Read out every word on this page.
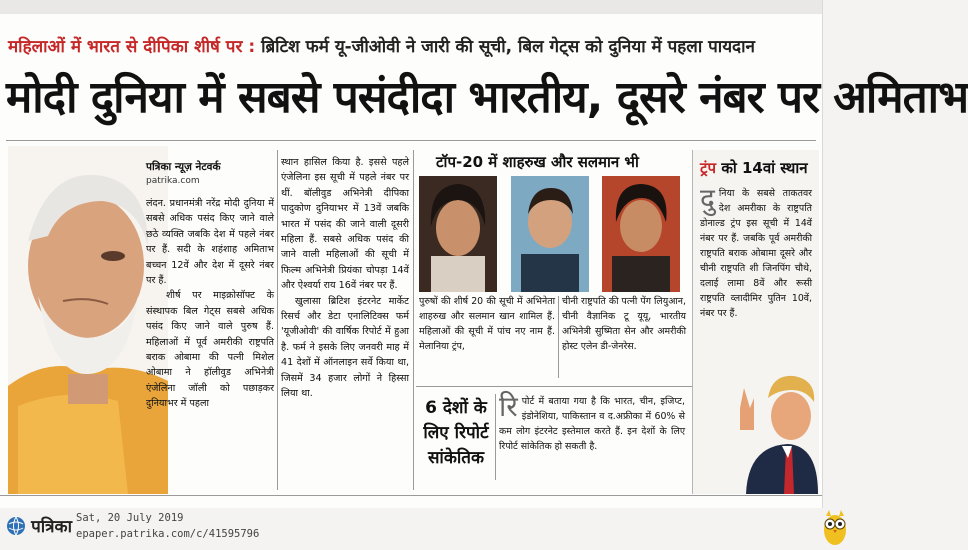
महिलाओं में भारत से दीपिका शीर्ष पर : ब्रिटिश फर्म यू-जीओवी ने जारी की सूची, बिल गेट्स को दुनिया में पहला पायदान
मोदी दुनिया में सबसे पसंदीदा भारतीय, दूसरे नंबर पर अमिताभ
पत्रिका न्यूज़ नेटवर्क
patrika.com

लंदन. प्रधानमंत्री नरेंद्र मोदी दुनिया में सबसे अधिक पसंद किए जाने वाले छठे व्यक्ति जबकि देश में पहले नंबर पर हैं. सदी के शहंशाह अमिताभ बच्चन 12वें और देश में दूसरे नंबर पर हैं.

शीर्ष पर माइक्रोसॉफ्ट के संस्थापक बिल गेट्स सबसे अधिक पसंद किए जाने वाले पुरुष हैं. महिलाओं में पूर्व अमरीकी राष्ट्रपति बराक ओबामा की पत्नी मिशेल ओबामा ने हॉलीवुड अभिनेत्री एंजेलिना जॉली को पछाड़कर दुनियाभर में पहला

स्थान हासिल किया है. इससे पहले एंजेलिना इस सूची में पहले नंबर पर थीं. बॉलीवुड अभिनेत्री दीपिका पादुकोण दुनियाभर में 13वें जबकि भारत में पसंद की जाने वाली दूसरी महिला हैं. सबसे अधिक पसंद की जाने वाली महिलाओं की सूची में फिल्म अभिनेत्री प्रियंका चोपड़ा 14वें और ऐश्वर्या राय 16वें नंबर पर हैं.

खुलासा ब्रिटिश इंटरनेट मार्केट रिसर्च और डेटा एनालिटिक्स फर्म 'यूजीओवी' की वार्षिक रिपोर्ट में हुआ है. फर्म ने इसके लिए जनवरी माह में 41 देशों में ऑनलाइन सर्वे किया था, जिसमें 34 हजार लोगों ने हिस्सा लिया था.

टॉप-20 में शाहरुख और सलमान भी
पुरुषों की शीर्ष 20 की सूची में अभिनेता शाहरुख और सलमान खान शामिल हैं. महिलाओं की सूची में पांच नए नाम हैं. मेलानिया ट्रंप,
चीनी राष्ट्रपति की पत्नी पेंग लियुआन, चीनी वैज्ञानिक टू यूयू, भारतीय अभिनेत्री सुष्मिता सेन और अमरीकी होस्ट एलेन डी-जेनरेस.
6 देशों के लिए रिपोर्ट सांकेतिक
रि पोर्ट में बताया गया है कि भारत, चीन, इजिप्ट, इंडोनेशिया, पाकिस्तान व द.अफ्रीका में 60% से कम लोग इंटरनेट इस्तेमाल करते हैं. इन देशों के लिए रिपोर्ट सांकेतिक हो सकती है.
ट्रंप को 14वां स्थान
दु निया के सबसे ताकतवर देश अमरीका के राष्ट्रपति डोनाल्ड ट्रंप इस सूची में 14वें नंबर पर हैं. जबकि पूर्व अमरीकी राष्ट्रपति बराक ओबामा दूसरे और चीनी राष्ट्रपति शी जिनपिंग चौथे, दलाई लामा 8वें और रूसी राष्ट्रपति व्लादीमिर पुतिन 10वें, नंबर पर हैं.
पत्रिका Sat, 20 July 2019
epaper.patrika.com/c/41595796
